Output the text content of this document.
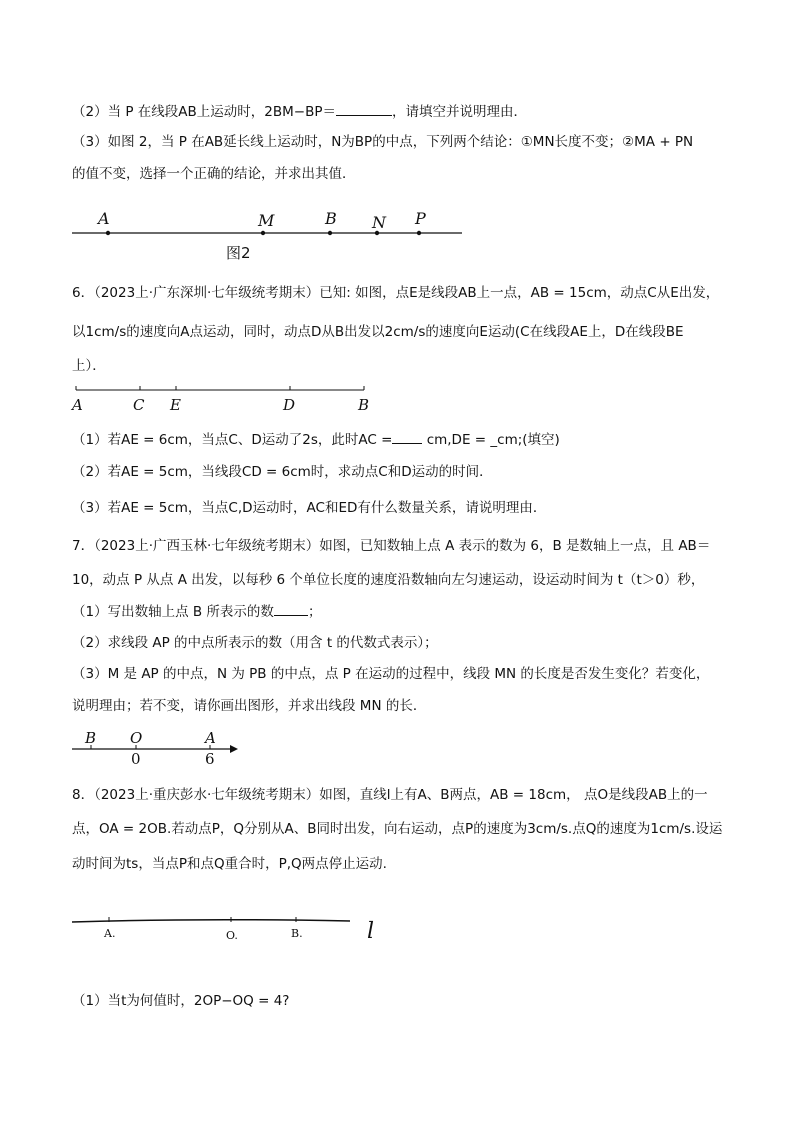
（2）当 P 在线段AB上运动时，2BM−BP＝	，请填空并说明理由．
（3）如图 2，当 P 在AB延长线上运动时，N为BP的中点，下列两个结论：①MN长度不变；②MA + PN
的值不变，选择一个正确的结论，并求出其值．
A	M	B N P
图2
A	C E	D	B
B O	A
0	6
A.	O.	B.	l
6．（2023上·广东深圳·七年级统考期末）已知: 如图，点E是线段AB上一点，AB = 15cm，动点C从E出发，
以1cm/s的速度向A点运动，同时，动点D从B出发以2cm/s的速度向E运动(C在线段AE上，D在线段BE
上）．
（1）若AE = 6cm，当点C、D运动了2s，此时AC =	cm,DE = _cm;(填空)
（2）若AE = 5cm，当线段CD = 6cm时，求动点C和D运动的时间．
（3）若AE = 5cm，当点C,D运动时，AC和ED有什么数量关系，请说明理由．
7．（2023上·广西玉林·七年级统考期末）如图，已知数轴上点 A 表示的数为 6，B 是数轴上一点，且 AB＝
10，动点 P 从点 A 出发，以每秒 6 个单位长度的速度沿数轴向左匀速运动，设运动时间为 t（t＞0）秒，
（1）写出数轴上点 B 所表示的数	；
（2）求线段 AP 的中点所表示的数（用含 t 的代数式表示）；
（3）M 是 AP 的中点，N 为 PB 的中点，点 P 在运动的过程中，线段 MN 的长度是否发生变化？若变化，
说明理由；若不变，请你画出图形，并求出线段 MN 的长．
8．（2023上·重庆彭水·七年级统考期末）如图，直线l上有A、B两点，AB = 18cm， 点O是线段AB上的一
点，OA = 2OB.若动点P，Q分别从A、B同时出发，向右运动，点P的速度为3cm/s.点Q的速度为1cm/s.设运
动时间为ts，当点P和点Q重合时，P,Q两点停止运动.
（1）当t为何值时，2OP−OQ = 4?
